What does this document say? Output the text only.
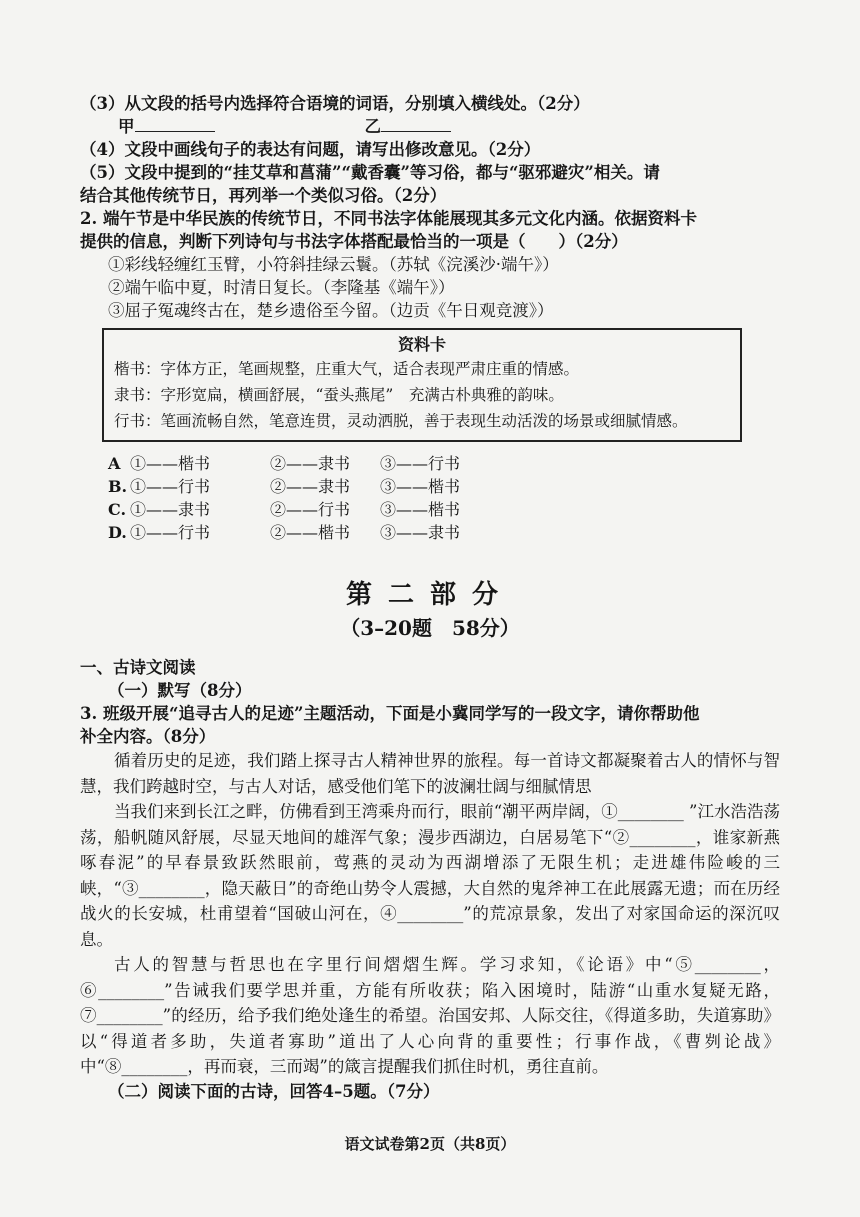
（3）从文段的括号内选择符合语境的词语，分别填入横线处。（2分）
甲	乙
（4）文段中画线句子的表达有问题，请写出修改意见。（2分）
（5）文段中提到的“挂艾草和菖蒲”“戴香囊”等习俗，都与“驱邪避灾”相关。请
结合其他传统节日，再列举一个类似习俗。（2分）
2. 端午节是中华民族的传统节日，不同书法字体能展现其多元文化内涵。依据资料卡
提供的信息，判断下列诗句与书法字体搭配最恰当的一项是（　　）（2分）
①彩线轻缠红玉臂，小符斜挂绿云鬟。（苏轼《浣溪沙·端午》）
②端午临中夏，时清日复长。（李隆基《端午》）
③屈子冤魂终古在，楚乡遗俗至今留。（边贡《午日观竞渡》）
资料卡
楷书：字体方正，笔画规整，庄重大气，适合表现严肃庄重的情感。
隶书：字形宽扁，横画舒展，“蚕头燕尾”　充满古朴典雅的韵味。
行书：笔画流畅自然，笔意连贯，灵动洒脱，善于表现生动活泼的场景或细腻情感。
A ①——楷书	②——隶书	③——行书
B. ①——行书	②——隶书	③——楷书
C. ①——隶书	②——行书	③——楷书
D. ①——行书	②——楷书	③——隶书
第二部分
（3–20题　58分）
一、古诗文阅读
（一）默写（8分）
3. 班级开展“追寻古人的足迹”主题活动，下面是小冀同学写的一段文字，请你帮助他
补全内容。（8分）
循着历史的足迹，我们踏上探寻古人精神世界的旅程。每一首诗文都凝聚着古人的情怀与智慧，我们跨越时空，与古人对话，感受他们笔下的波澜壮阔与细腻情思
当我们来到长江之畔，仿佛看到王湾乘舟而行，眼前“潮平两岸阔，①________ ”江水浩浩荡荡，船帆随风舒展，尽显天地间的雄浑气象；漫步西湖边，白居易笔下“②________，谁家新燕啄春泥”的早春景致跃然眼前，莺燕的灵动为西湖增添了无限生机；走进雄伟险峻的三峡，“③________，隐天蔽日”的奇绝山势令人震撼，大自然的鬼斧神工在此展露无遗；而在历经战火的长安城，杜甫望着“国破山河在，④________”的荒凉景象，发出了对家国命运的深沉叹息。
古人的智慧与哲思也在字里行间熠熠生辉。学习求知，《论语》中“⑤________，⑥________”告诫我们要学思并重，方能有所收获；陷入困境时，陆游“山重水复疑无路，⑦________”的经历，给予我们绝处逢生的希望。治国安邦、人际交往，《得道多助，失道寡助》以“得道者多助，失道者寡助”道出了人心向背的重要性；行事作战，《曹刿论战》中“⑧________，再而衰，三而竭”的箴言提醒我们抓住时机，勇往直前。
（二）阅读下面的古诗，回答4–5题。（7分）
语文试卷第2页（共8页）
